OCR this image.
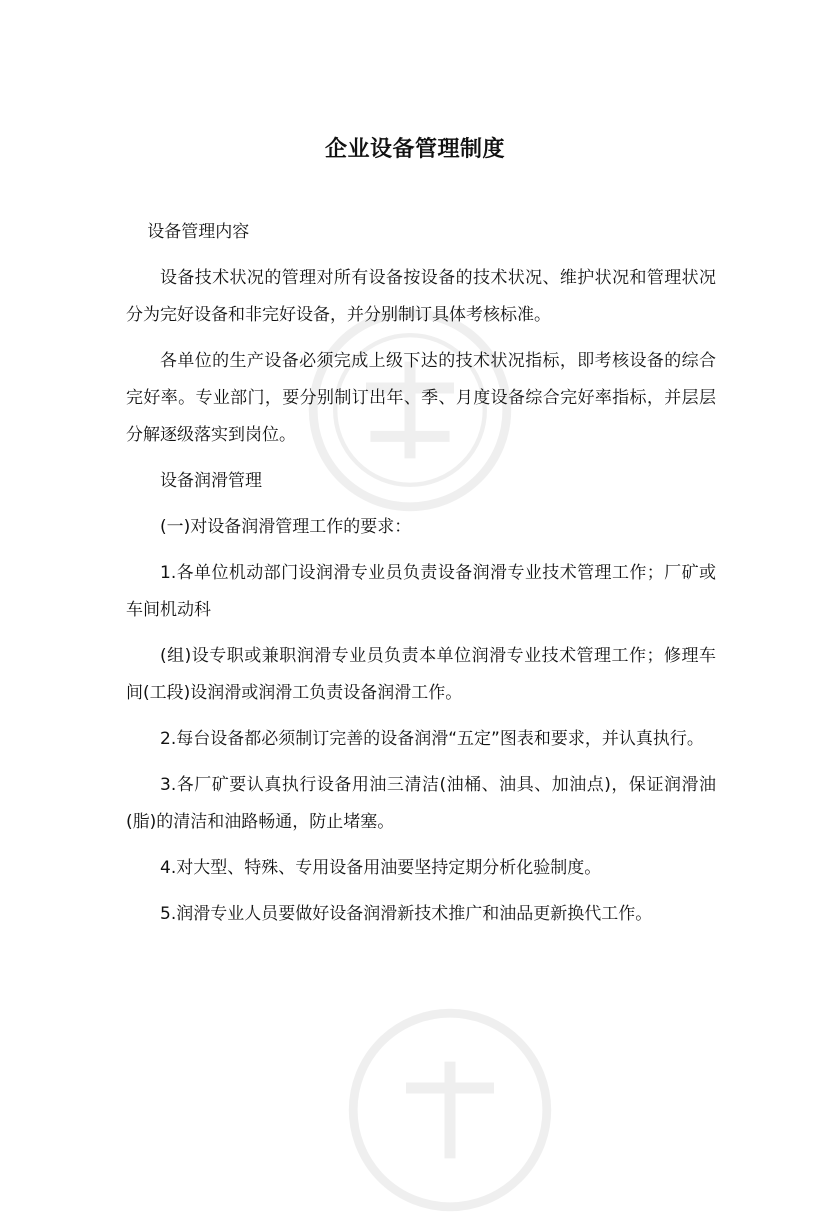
企业设备管理制度

设备管理内容

设备技术状况的管理对所有设备按设备的技术状况、维护状况和管理状况分为完好设备和非完好设备，并分别制订具体考核标准。

各单位的生产设备必须完成上级下达的技术状况指标，即考核设备的综合完好率。专业部门，要分别制订出年、季、月度设备综合完好率指标，并层层分解逐级落实到岗位。

设备润滑管理

(一)对设备润滑管理工作的要求：

1.各单位机动部门设润滑专业员负责设备润滑专业技术管理工作；厂矿或车间机动科

(组)设专职或兼职润滑专业员负责本单位润滑专业技术管理工作；修理车间(工段)设润滑或润滑工负责设备润滑工作。

2.每台设备都必须制订完善的设备润滑“五定”图表和要求，并认真执行。

3.各厂矿要认真执行设备用油三清洁(油桶、油具、加油点)，保证润滑油(脂)的清洁和油路畅通，防止堵塞。

4.对大型、特殊、专用设备用油要坚持定期分析化验制度。

5.润滑专业人员要做好设备润滑新技术推广和油品更新换代工作。
